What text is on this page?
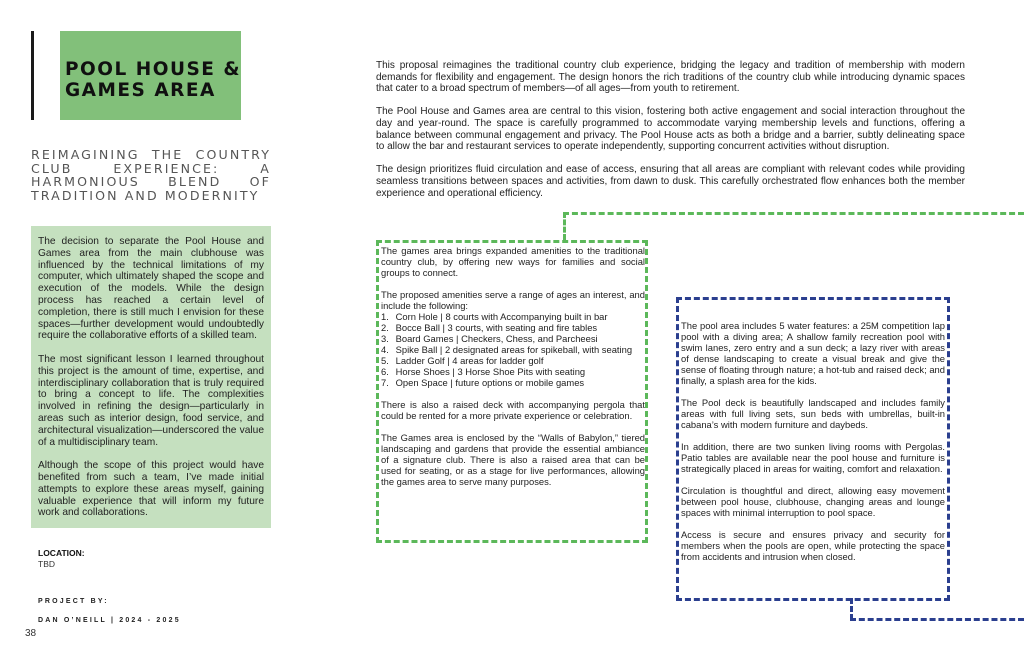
POOL HOUSE & GAMES AREA
REIMAGINING THE COUNTRY CLUB EXPERIENCE: A HARMONIOUS BLEND OF TRADITION AND MODERNITY

The decision to separate the Pool House and Games area from the main clubhouse was influenced by the technical limitations of my computer, which ultimately shaped the scope and execution of the models. While the design process has reached a certain level of completion, there is still much I envision for these spaces—further development would undoubtedly require the collaborative efforts of a skilled team.

The most significant lesson I learned throughout this project is the amount of time, expertise, and interdisciplinary collaboration that is truly required to bring a concept to life. The complexities involved in refining the design—particularly in areas such as interior design, food service, and architectural visualization—underscored the value of a multidisciplinary team.

Although the scope of this project would have benefited from such a team, I’ve made initial attempts to explore these areas myself, gaining valuable experience that will inform my future work and collaborations.

LOCATION:
TBD
PROJECT BY:
DAN O’NEILL | 2024 - 2025
38

This proposal reimagines the traditional country club experience, bridging the legacy and tradition of membership with modern demands for flexibility and engagement. The design honors the rich traditions of the country club while introducing dynamic spaces that cater to a broad spectrum of members—of all ages—from youth to retirement.

The Pool House and Games area are central to this vision, fostering both active engagement and social interaction throughout the day and year-round. The space is carefully programmed to accommodate varying membership levels and functions, offering a balance between communal engagement and privacy. The Pool House acts as both a bridge and a barrier, subtly delineating space to allow the bar and restaurant services to operate independently, supporting concurrent activities without disruption.

The design prioritizes fluid circulation and ease of access, ensuring that all areas are compliant with relevant codes while providing seamless transitions between spaces and activities, from dawn to dusk. This carefully orchestrated flow enhances both the member experience and operational efficiency.

The games area brings expanded amenities to the traditional country club, by offering new ways for families and social groups to connect.

The proposed amenities serve a range of ages an interest, and include the following:

1. Corn Hole | 8 courts with Accompanying built in bar
2. Bocce Ball | 3 courts, with seating and fire tables
3. Board Games | Checkers, Chess, and Parcheesi
4. Spike Ball | 2 designated areas for spikeball, with seating
5. Ladder Golf | 4 areas for ladder golf
6. Horse Shoes | 3 Horse Shoe Pits with seating
7. Open Space | future options or mobile games

There is also a raised deck with accompanying pergola that could be rented for a more private experience or celebration.

The Games area is enclosed by the “Walls of Babylon,” tiered landscaping and gardens that provide the essential ambiance of a signature club. There is also a raised area that can be used for seating, or as a stage for live performances, allowing the games area to serve many purposes.

The pool area includes 5 water features: a 25M competition lap pool with a diving area; A shallow family recreation pool with swim lanes, zero entry and a sun deck; a lazy river with areas of dense landscaping to create a visual break and give the sense of floating through nature; a hot-tub and raised deck; and finally, a splash area for the kids.

The Pool deck is beautifully landscaped and includes family areas with full living sets, sun beds with umbrellas, built-in cabana’s with modern furniture and daybeds.

In addition, there are two sunken living rooms with Pergolas. Patio tables are available near the pool house and furniture is strategically placed in areas for waiting, comfort and relaxation.

Circulation is thoughtful and direct, allowing easy movement between pool house, clubhouse, changing areas and lounge spaces with minimal interruption to pool space.

Access is secure and ensures privacy and security for members when the pools are open, while protecting the space from accidents and intrusion when closed.
